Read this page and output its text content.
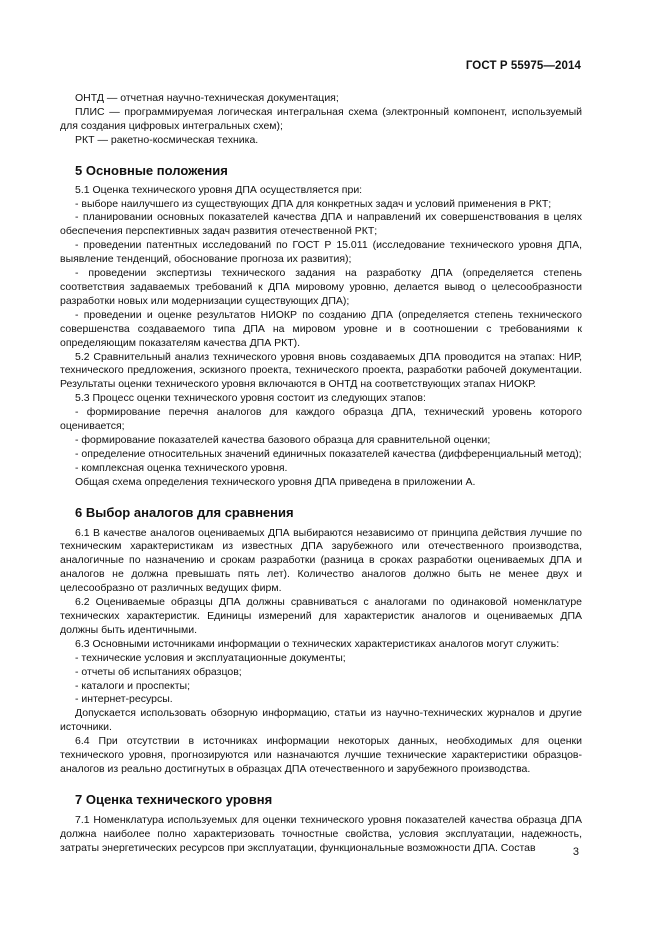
ГОСТ Р 55975—2014

ОНТД — отчетная научно-техническая документация;

ПЛИС — программируемая логическая интегральная схема (электронный компонент, используемый для создания цифровых интегральных схем);

РКТ — ракетно-космическая техника.

5 Основные положения

5.1 Оценка технического уровня ДПА осуществляется при:

- выборе наилучшего из существующих ДПА для конкретных задач и условий применения в РКТ;

- планировании основных показателей качества ДПА и направлений их совершенствования в целях обеспечения перспективных задач развития отечественной РКТ;

- проведении патентных исследований по ГОСТ Р 15.011 (исследование технического уровня ДПА, выявление тенденций, обоснование прогноза их развития);

- проведении экспертизы технического задания на разработку ДПА (определяется степень соответствия задаваемых требований к ДПА мировому уровню, делается вывод о целесообразности разработки новых или модернизации существующих ДПА);

- проведении и оценке результатов НИОКР по созданию ДПА (определяется степень технического совершенства создаваемого типа ДПА на мировом уровне и в соотношении с требованиями к определяющим показателям качества ДПА РКТ).

5.2 Сравнительный анализ технического уровня вновь создаваемых ДПА проводится на этапах: НИР, технического предложения, эскизного проекта, технического проекта, разработки рабочей документации. Результаты оценки технического уровня включаются в ОНТД на соответствующих этапах НИОКР.

5.3 Процесс оценки технического уровня состоит из следующих этапов:

- формирование перечня аналогов для каждого образца ДПА, технический уровень которого оценивается;

- формирование показателей качества базового образца для сравнительной оценки;

- определение относительных значений единичных показателей качества (дифференциальный метод);

- комплексная оценка технического уровня.

Общая схема определения технического уровня ДПА приведена в приложении А.

6 Выбор аналогов для сравнения

6.1 В качестве аналогов оцениваемых ДПА выбираются независимо от принципа действия лучшие по техническим характеристикам из известных ДПА зарубежного или отечественного производства, аналогичные по назначению и срокам разработки (разница в сроках разработки оцениваемых ДПА и аналогов не должна превышать пять лет). Количество аналогов должно быть не менее двух и целесообразно от различных ведущих фирм.

6.2 Оцениваемые образцы ДПА должны сравниваться с аналогами по одинаковой номенклатуре технических характеристик. Единицы измерений для характеристик аналогов и оцениваемых ДПА должны быть идентичными.

6.3 Основными источниками информации о технических характеристиках аналогов могут служить:

- технические условия и эксплуатационные документы;

- отчеты об испытаниях образцов;

- каталоги и проспекты;

- интернет-ресурсы.

Допускается использовать обзорную информацию, статьи из научно-технических журналов и другие источники.

6.4 При отсутствии в источниках информации некоторых данных, необходимых для оценки технического уровня, прогнозируются или назначаются лучшие технические характеристики образцов-аналогов из реально достигнутых в образцах ДПА отечественного и зарубежного производства.

7 Оценка технического уровня

7.1 Номенклатура используемых для оценки технического уровня показателей качества образца ДПА должна наиболее полно характеризовать точностные свойства, условия эксплуатации, надежность, затраты энергетических ресурсов при эксплуатации, функциональные возможности ДПА. Состав	3
